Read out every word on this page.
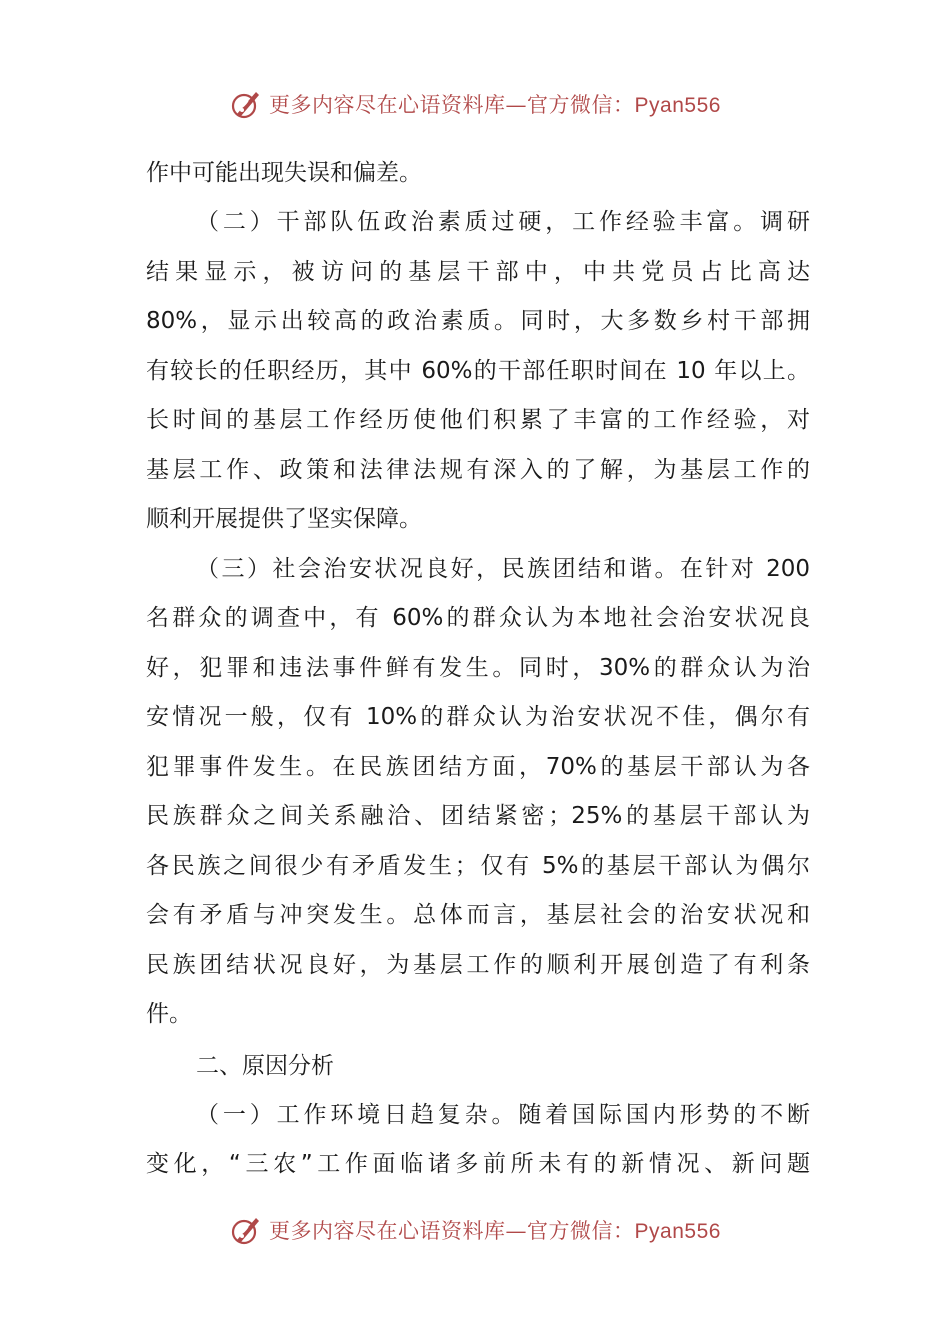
更多内容尽在心语资料库—官方微信：Pyan556
作中可能出现失误和偏差。
（二）干部队伍政治素质过硬，工作经验丰富。调研
结果显示，被访问的基层干部中，中共党员占比高达
80%，显示出较高的政治素质。同时，大多数乡村干部拥
有较长的任职经历，其中 60%的干部任职时间在 10 年以上。
长时间的基层工作经历使他们积累了丰富的工作经验，对
基层工作、政策和法律法规有深入的了解，为基层工作的
顺利开展提供了坚实保障。
（三）社会治安状况良好，民族团结和谐。在针对 200
名群众的调查中，有 60%的群众认为本地社会治安状况良
好，犯罪和违法事件鲜有发生。同时，30%的群众认为治
安情况一般，仅有 10%的群众认为治安状况不佳，偶尔有
犯罪事件发生。在民族团结方面，70%的基层干部认为各
民族群众之间关系融洽、团结紧密；25%的基层干部认为
各民族之间很少有矛盾发生；仅有 5%的基层干部认为偶尔
会有矛盾与冲突发生。总体而言，基层社会的治安状况和
民族团结状况良好，为基层工作的顺利开展创造了有利条
件。
二、原因分析
（一）工作环境日趋复杂。随着国际国内形势的不断
变化，“三农”工作面临诸多前所未有的新情况、新问题
更多内容尽在心语资料库—官方微信：Pyan556
